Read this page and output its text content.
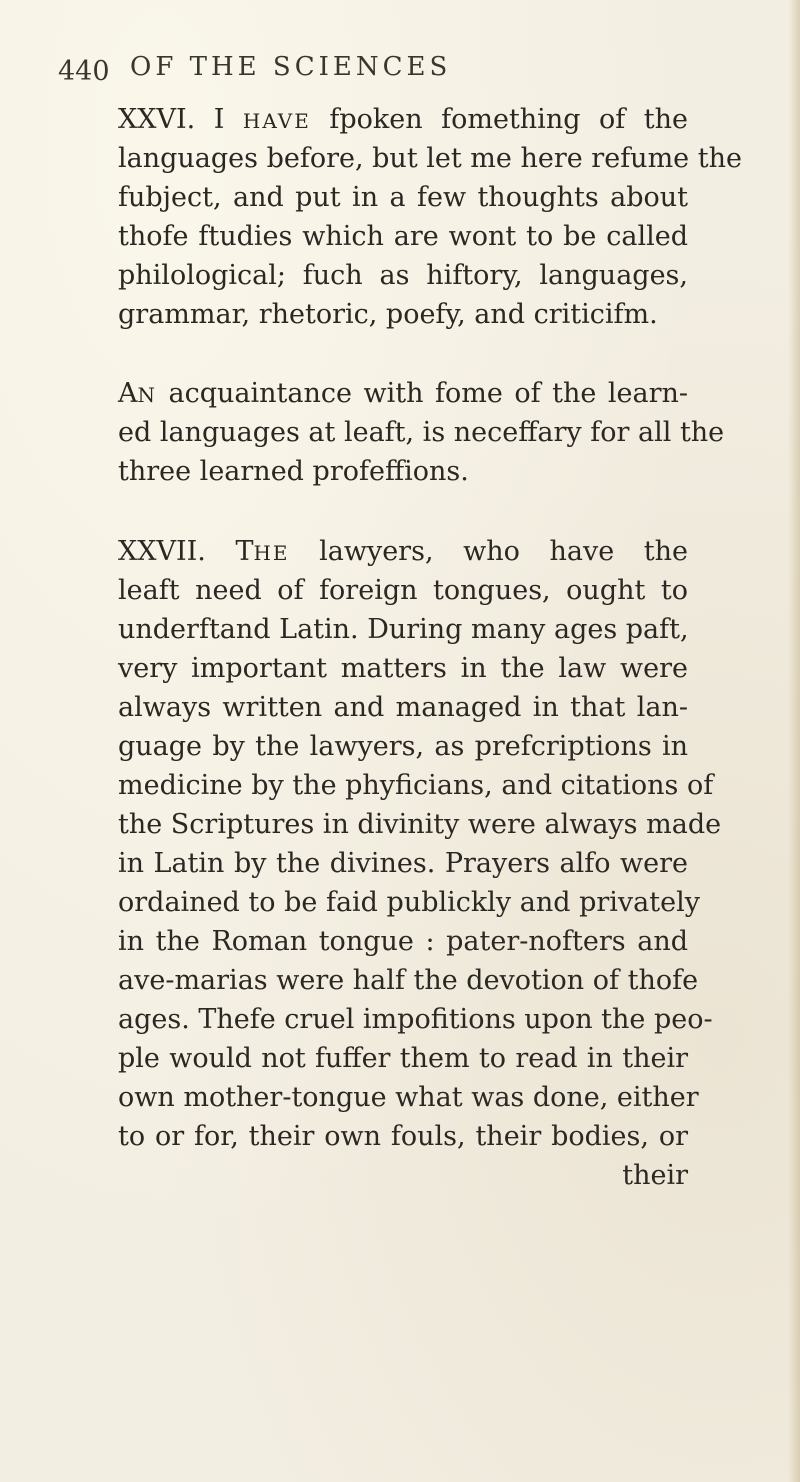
440 OF THE SCIENCES
XXVI. I HAVE fpoken fomething of the
languages before, but let me here refume the
fubject, and put in a few thoughts about
thofe ftudies which are wont to be called
philological; fuch as hiftory, languages,
grammar, rhetoric, poefy, and criticifm.
AN acquaintance with fome of the learn-
ed languages at leaft, is neceffary for all the
three learned profeffions.
XXVII. THE lawyers, who have the
leaft need of foreign tongues, ought to
underftand Latin. During many ages paft,
very important matters in the law were
always written and managed in that lan-
guage by the lawyers, as prefcriptions in
medicine by the phyficians, and citations of
the Scriptures in divinity were always made
in Latin by the divines. Prayers alfo were
ordained to be faid publickly and privately
in the Roman tongue : pater-nofters and
ave-marias were half the devotion of thofe
ages. Thefe cruel impofitions upon the peo-
ple would not fuffer them to read in their
own mother-tongue what was done, either
to or for, their own fouls, their bodies, or
their
